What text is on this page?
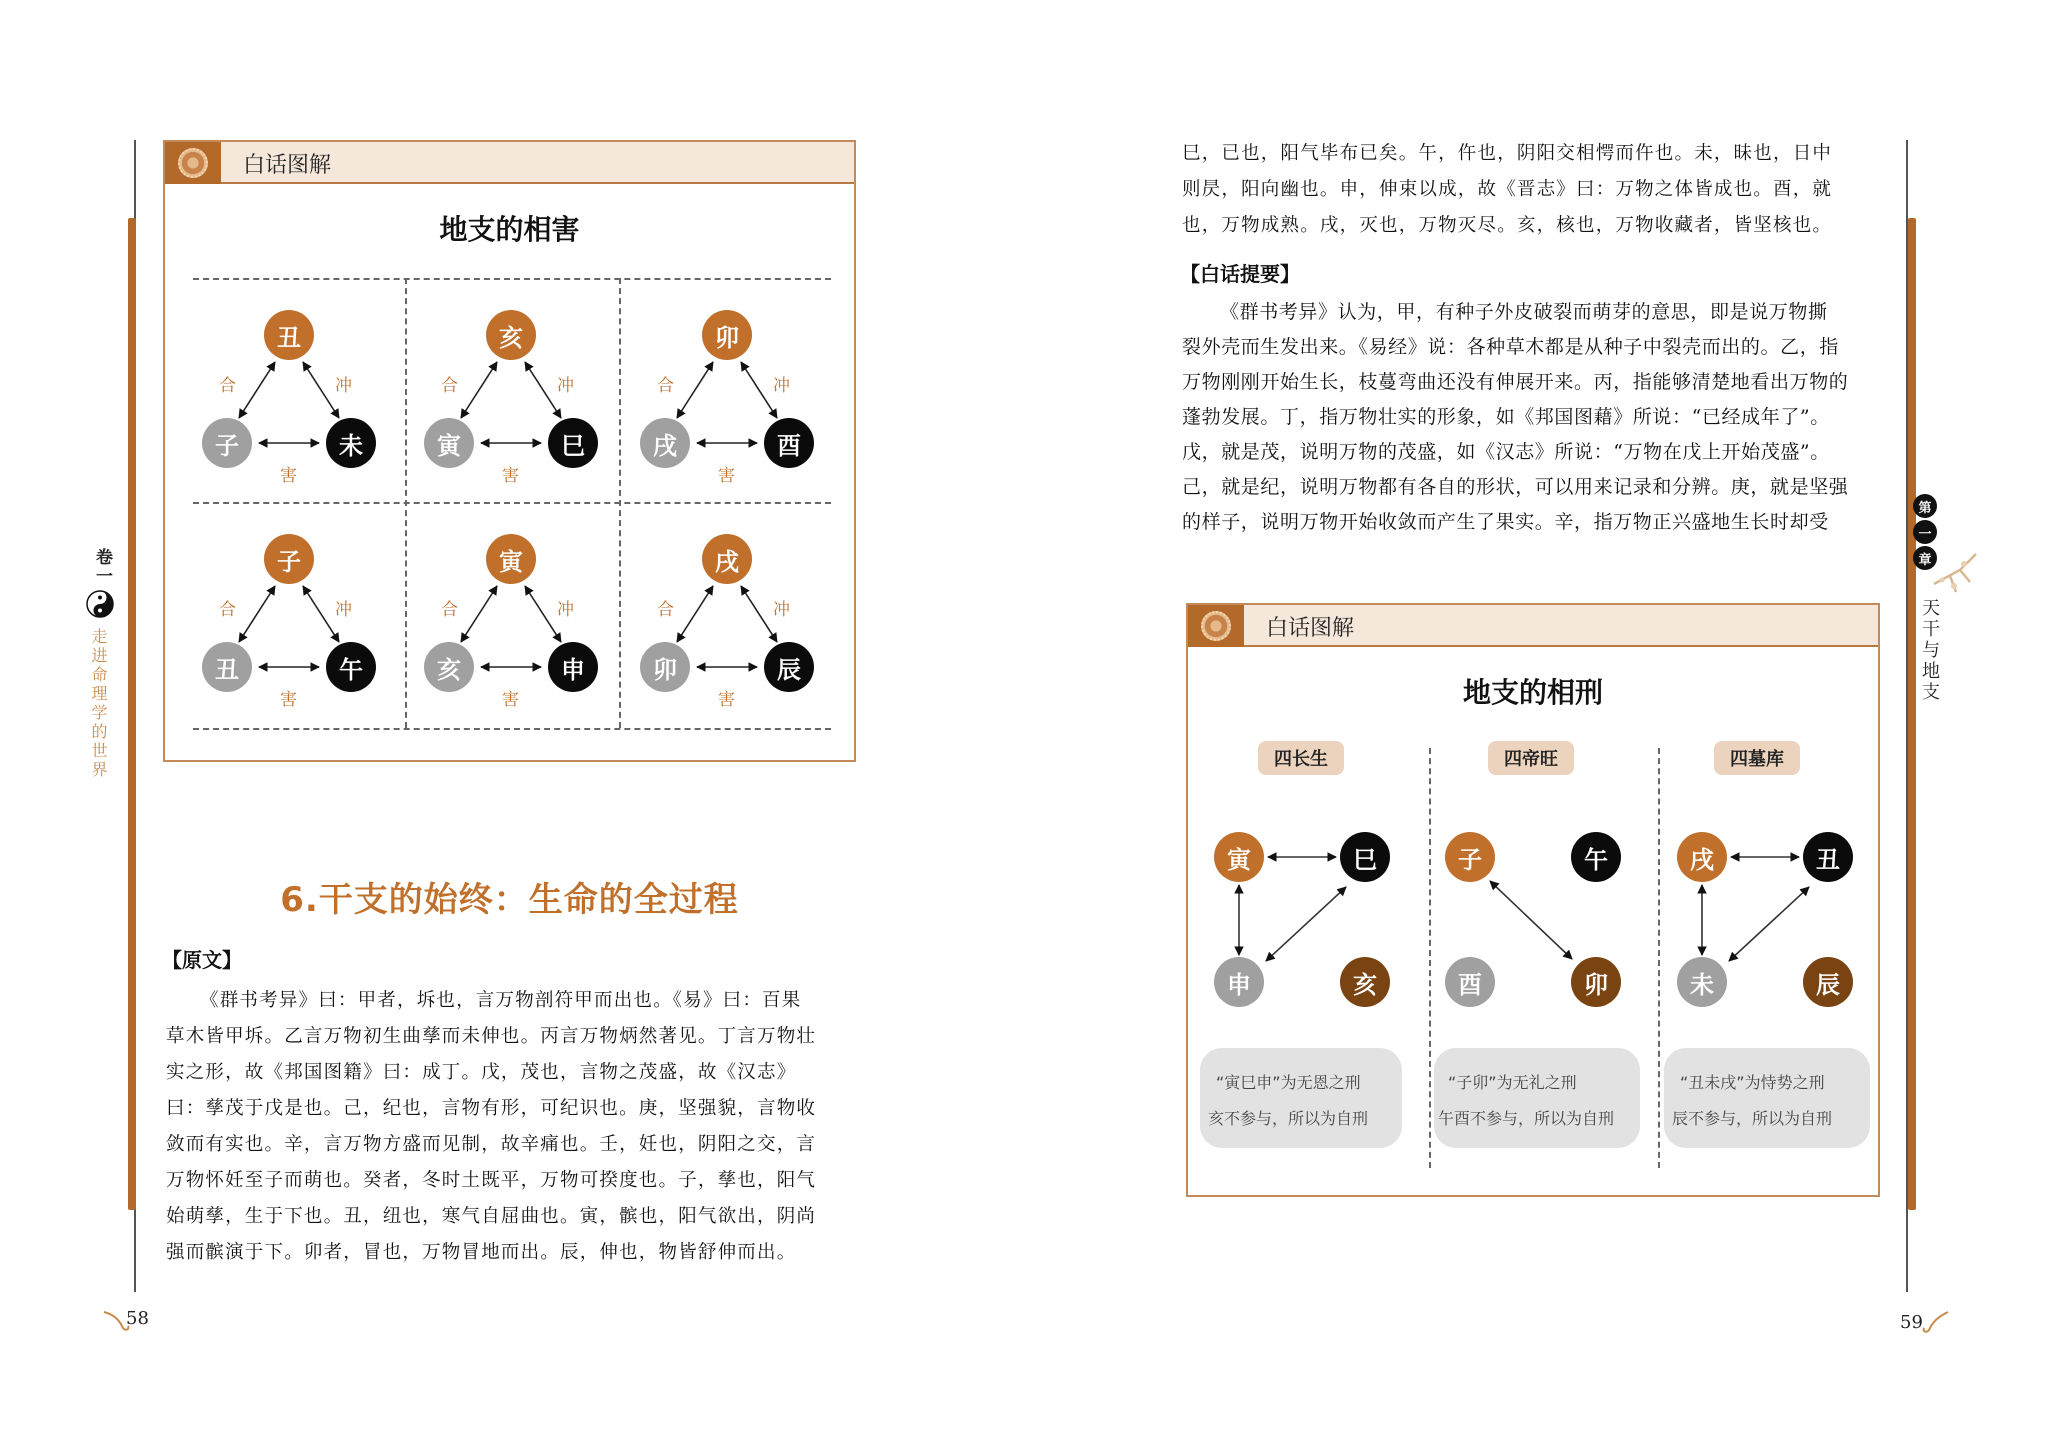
卷一
走进命理学的世界
白话图解
地支的相害
丑
子	未
合	冲
害
亥
寅	巳
合	冲
害
卯
戌	酉
合	冲
害
子
丑	午
合	冲
害
寅
亥	申
合	冲
害
戌
卯	辰
合	冲
害
6.干支的始终：生命的全过程
【原文】
《群书考异》曰：甲者，坼也，言万物剖符甲而出也。《易》曰：百果
草木皆甲坼。乙言万物初生曲孳而未伸也。丙言万物炳然著见。丁言万物壮
实之形，故《邦国图籍》曰：成丁。戊，茂也，言物之茂盛，故《汉志》
曰：孳茂于戊是也。己，纪也，言物有形，可纪识也。庚，坚强貌，言物收
敛而有实也。辛，言万物方盛而见制，故辛痛也。壬，妊也，阴阳之交，言
万物怀妊至子而萌也。癸者，冬时土既平，万物可揆度也。子，孳也，阳气
始萌孳，生于下也。丑，纽也，寒气自屈曲也。寅，髌也，阳气欲出，阴尚
强而髌演于下。卯者，冒也，万物冒地而出。辰，伸也，物皆舒伸而出。
58
第
一
章
天干与地支
巳，已也，阳气毕布已矣。午，仵也，阴阳交相愕而仵也。未，昧也，日中
则昃，阳向幽也。申，伸束以成，故《晋志》曰：万物之体皆成也。酉，就
也，万物成熟。戌，灭也，万物灭尽。亥，核也，万物收藏者，皆坚核也。
【白话提要】
《群书考异》认为，甲，有种子外皮破裂而萌芽的意思，即是说万物撕
裂外壳而生发出来。《易经》说：各种草木都是从种子中裂壳而出的。乙，指
万物刚刚开始生长，枝蔓弯曲还没有伸展开来。丙，指能够清楚地看出万物的
蓬勃发展。丁，指万物壮实的形象，如《邦国图藉》所说：“已经成年了”。
戊，就是茂，说明万物的茂盛，如《汉志》所说：“万物在戊上开始茂盛”。
己，就是纪，说明万物都有各自的形状，可以用来记录和分辨。庚，就是坚强
的样子，说明万物开始收敛而产生了果实。辛，指万物正兴盛地生长时却受
白话图解
地支的相刑
四长生
寅	巳
申	亥
“寅巳申”为无恩之刑
亥不参与，所以为自刑
四帝旺
子	午
酉	卯
“子卯”为无礼之刑
午酉不参与，所以为自刑
四墓库
戌	丑
未	辰
“丑未戌”为恃势之刑
辰不参与，所以为自刑
59
